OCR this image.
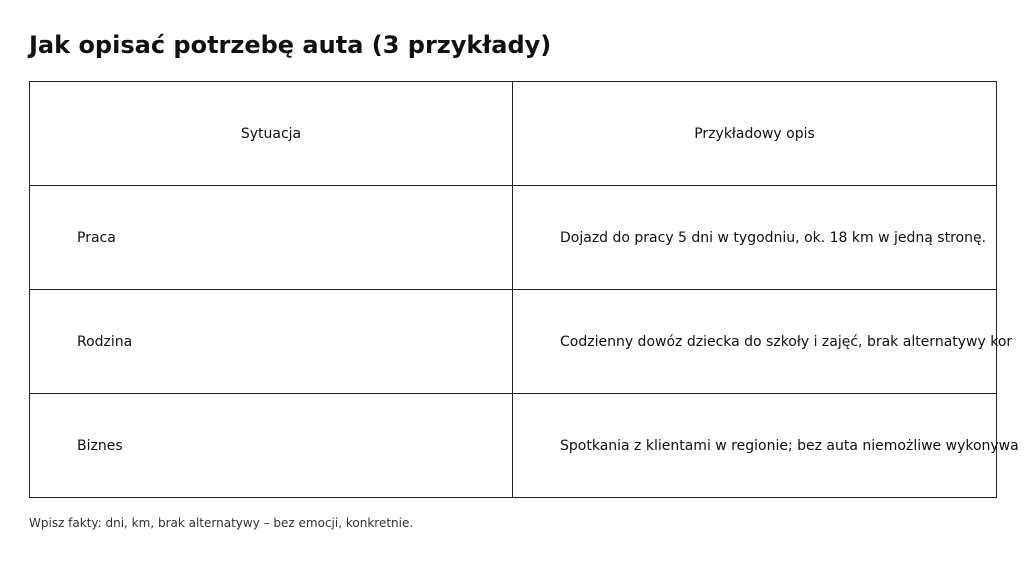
Jak opisać potrzebę auta (3 przykłady)
Sytuacja	Przykładowy opis
Praca	Dojazd do pracy 5 dni w tygodniu, ok. 18 km w jedną stronę.
Rodzina	Codzienny dowóz dziecka do szkoły i zajęć, brak alternatywy kor
Biznes	Spotkania z klientami w regionie; bez auta niemożliwe wykonywa
Wpisz fakty: dni, km, brak alternatywy – bez emocji, konkretnie.
